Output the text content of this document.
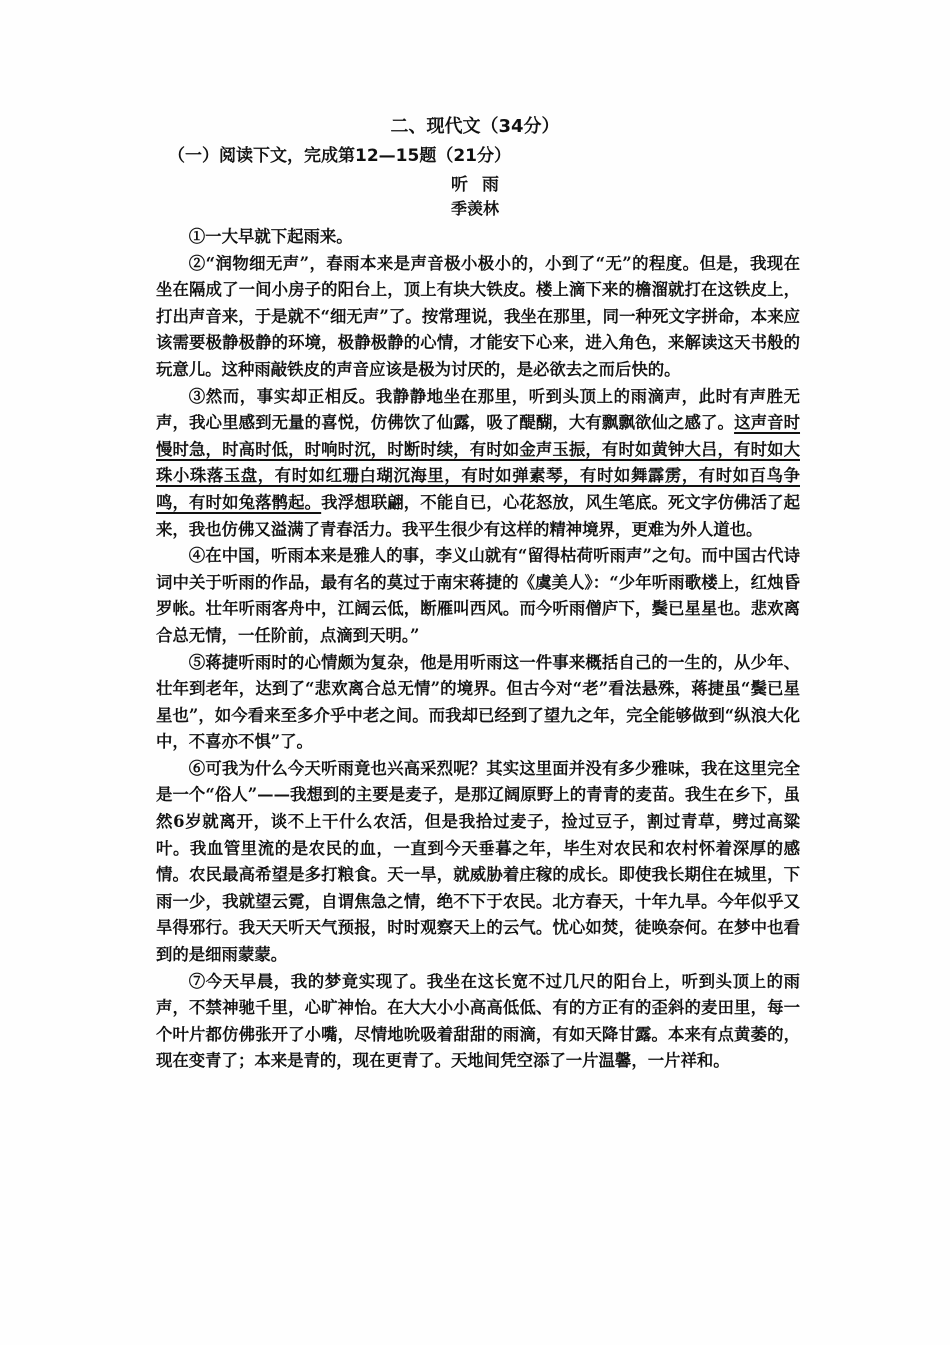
二、现代文（34分）
（一）阅读下文，完成第12—15题（21分）
听雨
季羡林

①一大早就下起雨来。

②“润物细无声”，春雨本来是声音极小极小的，小到了“无”的程度。但是，我现在坐在隔成了一间小房子的阳台上，顶上有块大铁皮。楼上滴下来的檐溜就打在这铁皮上，打出声音来，于是就不“细无声”了。按常理说，我坐在那里，同一种死文字拼命，本来应该需要极静极静的环境，极静极静的心情，才能安下心来，进入角色，来解读这天书般的玩意儿。这种雨敲铁皮的声音应该是极为讨厌的，是必欲去之而后快的。

③然而，事实却正相反。我静静地坐在那里，听到头顶上的雨滴声，此时有声胜无声，我心里感到无量的喜悦，仿佛饮了仙露，吸了醍醐，大有飘飘欲仙之感了。这声音时慢时急，时高时低，时响时沉，时断时续，有时如金声玉振，有时如黄钟大吕，有时如大珠小珠落玉盘，有时如红珊白瑚沉海里，有时如弹素琴，有时如舞霹雳，有时如百鸟争鸣，有时如兔落鹘起。我浮想联翩，不能自已，心花怒放，风生笔底。死文字仿佛活了起来，我也仿佛又溢满了青春活力。我平生很少有这样的精神境界，更难为外人道也。

④在中国，听雨本来是雅人的事，李义山就有“留得枯荷听雨声”之句。而中国古代诗词中关于听雨的作品，最有名的莫过于南宋蒋捷的《虞美人》：“少年听雨歌楼上，红烛昏罗帐。壮年听雨客舟中，江阔云低，断雁叫西风。而今听雨僧庐下，鬓已星星也。悲欢离合总无情，一任阶前，点滴到天明。”

⑤蒋捷听雨时的心情颇为复杂，他是用听雨这一件事来概括自己的一生的，从少年、壮年到老年，达到了“悲欢离合总无情”的境界。但古今对“老”看法悬殊，蒋捷虽“鬓已星星也”，如今看来至多介乎中老之间。而我却已经到了望九之年，完全能够做到“纵浪大化中，不喜亦不惧”了。

⑥可我为什么今天听雨竟也兴高采烈呢？其实这里面并没有多少雅味，我在这里完全是一个“俗人”——我想到的主要是麦子，是那辽阔原野上的青青的麦苗。我生在乡下，虽然6岁就离开，谈不上干什么农活，但是我拾过麦子，捡过豆子，割过青草，劈过高粱叶。我血管里流的是农民的血，一直到今天垂暮之年，毕生对农民和农村怀着深厚的感情。农民最高希望是多打粮食。天一旱，就威胁着庄稼的成长。即使我长期住在城里，下雨一少，我就望云霓，自谓焦急之情，绝不下于农民。北方春天，十年九旱。今年似乎又旱得邪行。我天天听天气预报，时时观察天上的云气。忧心如焚，徒唤奈何。在梦中也看到的是细雨蒙蒙。

⑦今天早晨，我的梦竟实现了。我坐在这长宽不过几尺的阳台上，听到头顶上的雨声，不禁神驰千里，心旷神怡。在大大小小高高低低、有的方正有的歪斜的麦田里，每一个叶片都仿佛张开了小嘴，尽情地吮吸着甜甜的雨滴，有如天降甘露。本来有点黄萎的，现在变青了；本来是青的，现在更青了。天地间凭空添了一片温馨，一片祥和。
